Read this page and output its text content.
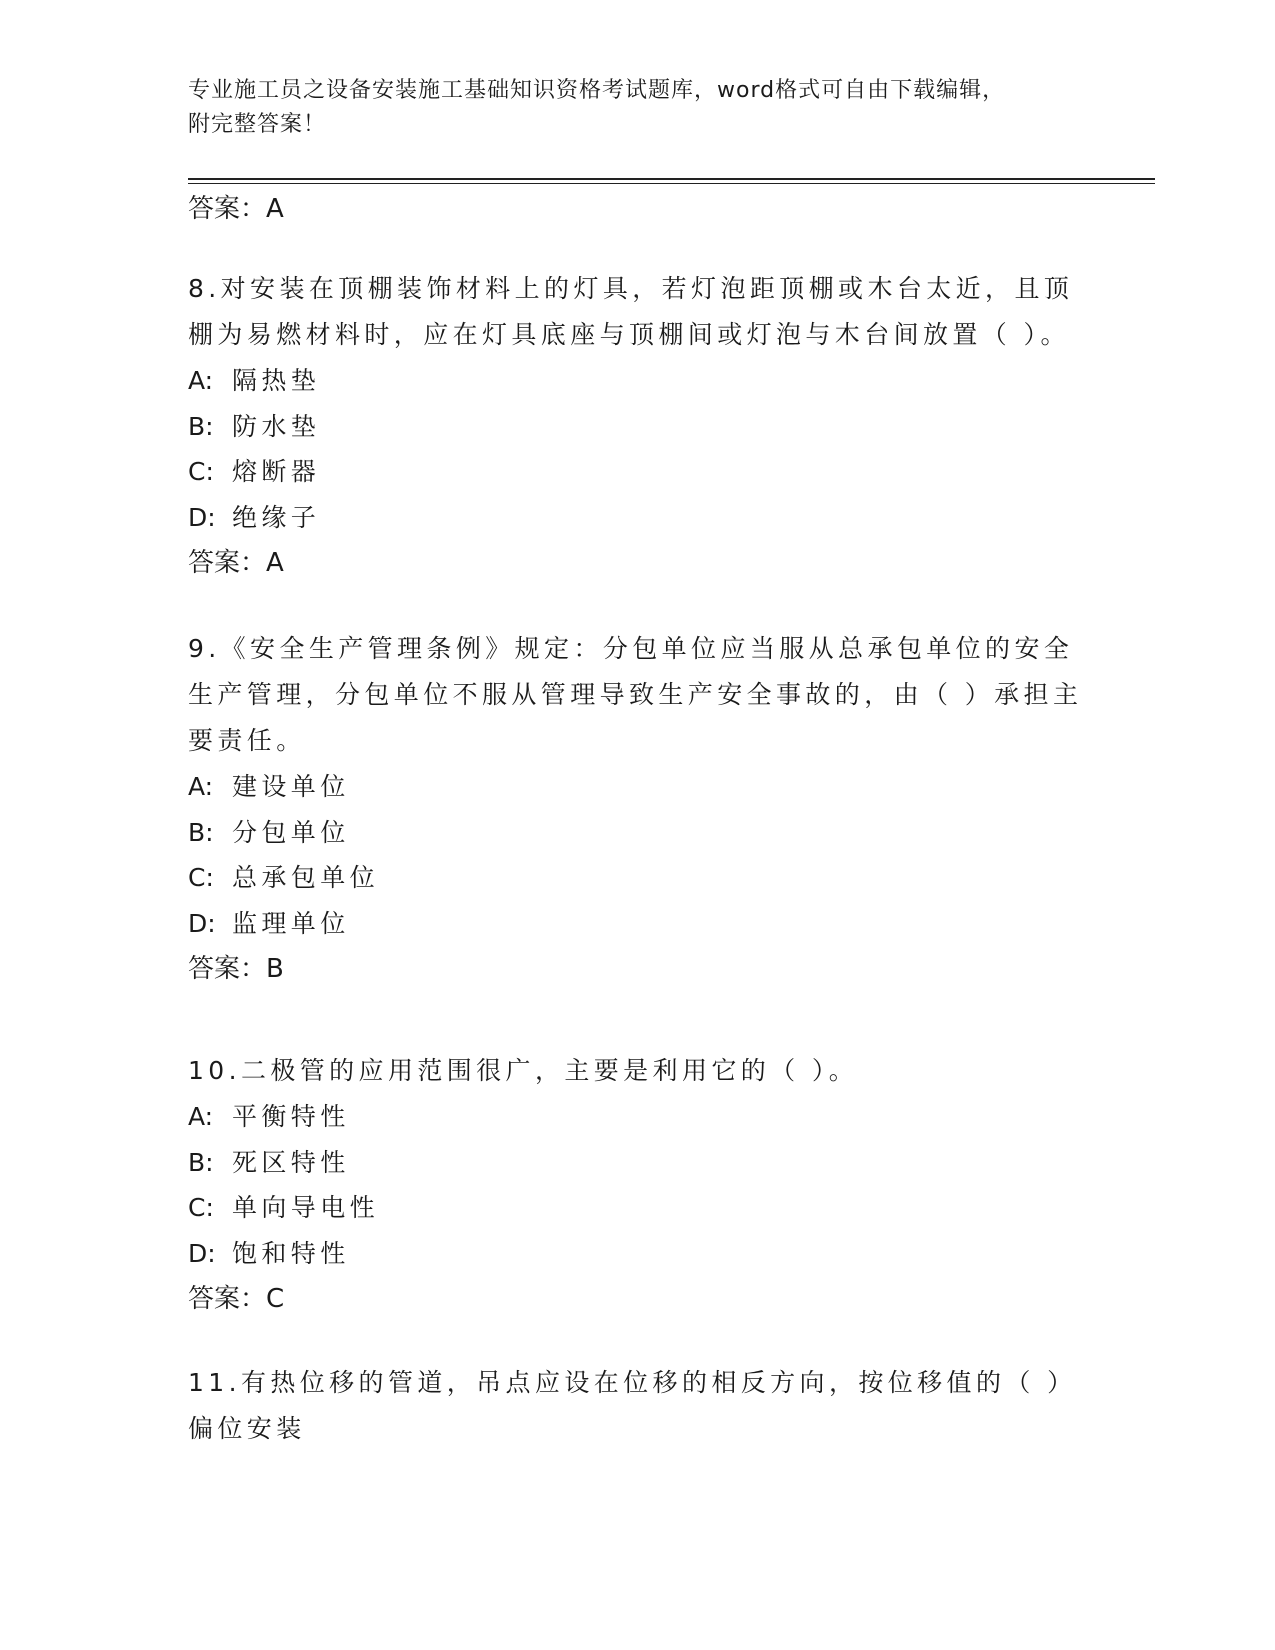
专业施工员之设备安装施工基础知识资格考试题库，word格式可自由下载编辑，
附完整答案！
答案：A

8.对安装在顶棚装饰材料上的灯具，若灯泡距顶棚或木台太近，且顶棚为易燃材料时，应在灯具底座与顶棚间或灯泡与木台间放置（ ）。

A: 隔热垫
B: 防水垫
C: 熔断器
D: 绝缘子
答案：A

9.《安全生产管理条例》规定：分包单位应当服从总承包单位的安全生产管理，分包单位不服从管理导致生产安全事故的，由（ ）承担主要责任。

A: 建设单位
B: 分包单位
C: 总承包单位
D: 监理单位
答案：B

10.二极管的应用范围很广，主要是利用它的（ ）。

A: 平衡特性
B: 死区特性
C: 单向导电性
D: 饱和特性
答案：C

11.有热位移的管道，吊点应设在位移的相反方向，按位移值的（ ）偏位安装
